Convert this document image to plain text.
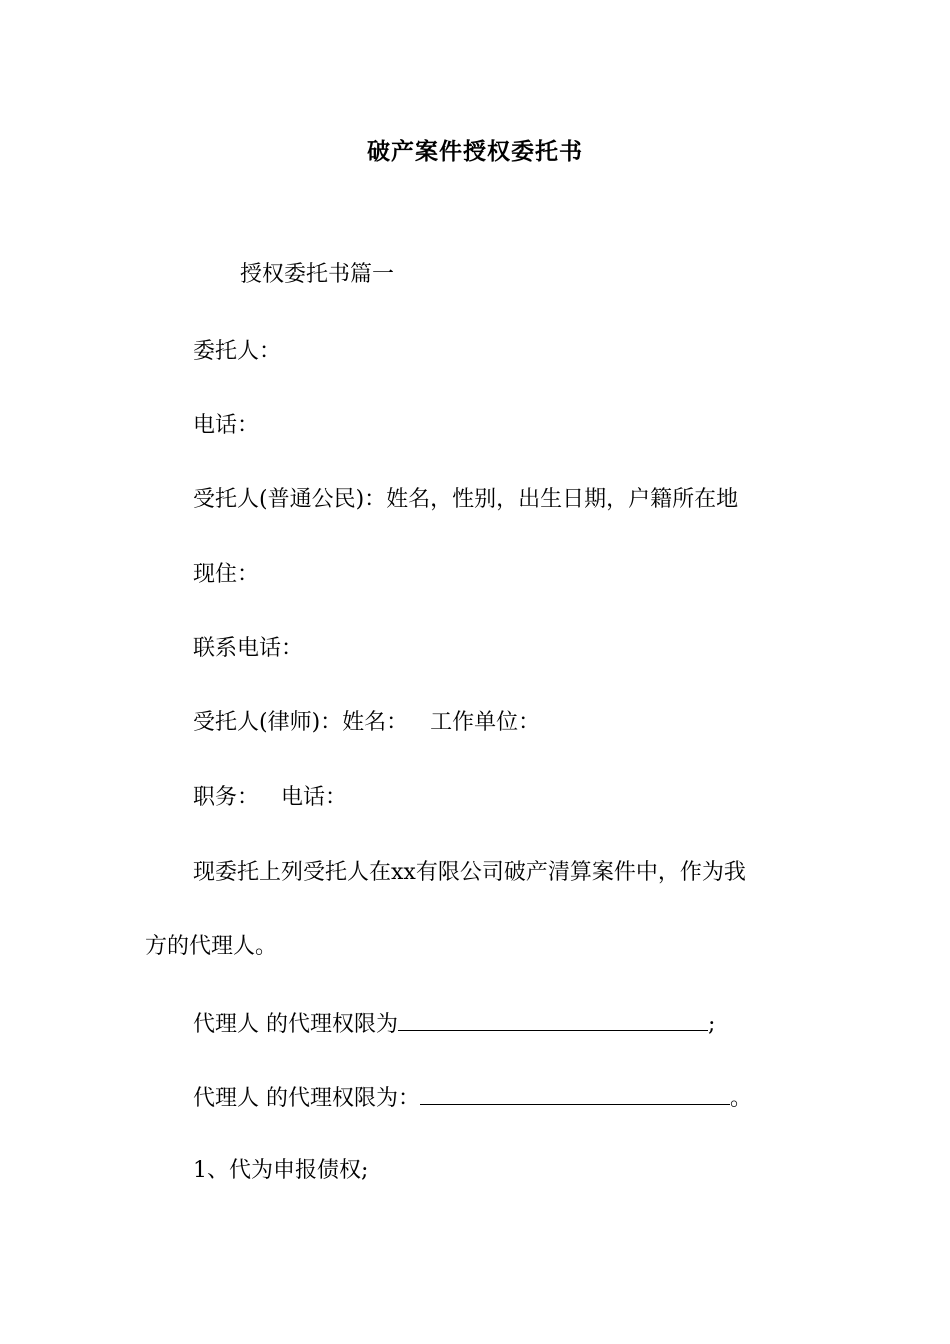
破产案件授权委托书
授权委托书篇一
委托人：
电话：
受托人(普通公民)：姓名，性别，出生日期，户籍所在地
现住：
联系电话：
受托人(律师)：姓名： 工作单位：
职务： 电话：
现委托上列受托人在xx有限公司破产清算案件中，作为我
方的代理人。
代理人 的代理权限为	;
代理人 的代理权限为：	。
1、代为申报债权;
